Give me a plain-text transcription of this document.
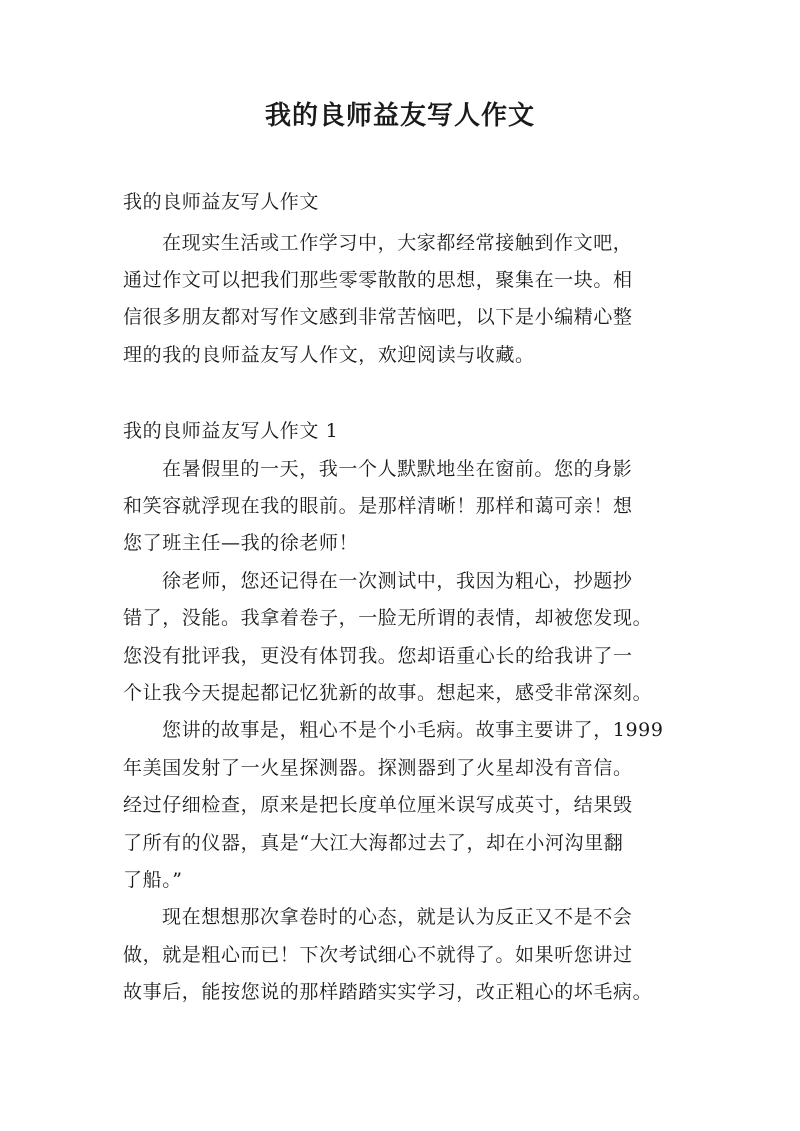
我的良师益友写人作文
我的良师益友写人作文
在现实生活或工作学习中，大家都经常接触到作文吧，
通过作文可以把我们那些零零散散的思想，聚集在一块。相
信很多朋友都对写作文感到非常苦恼吧，以下是小编精心整
理的我的良师益友写人作文，欢迎阅读与收藏。
我的良师益友写人作文 1
在暑假里的一天，我一个人默默地坐在窗前。您的身影
和笑容就浮现在我的眼前。是那样清晰！那样和蔼可亲！想
您了班主任—我的徐老师！
徐老师，您还记得在一次测试中，我因为粗心，抄题抄
错了，没能。我拿着卷子，一脸无所谓的表情，却被您发现。
您没有批评我，更没有体罚我。您却语重心长的给我讲了一
个让我今天提起都记忆犹新的故事。想起来，感受非常深刻。
您讲的故事是，粗心不是个小毛病。故事主要讲了，1999
年美国发射了一火星探测器。探测器到了火星却没有音信。
经过仔细检查，原来是把长度单位厘米误写成英寸，结果毁
了所有的仪器，真是“大江大海都过去了，却在小河沟里翻
了船。”
现在想想那次拿卷时的心态，就是认为反正又不是不会
做，就是粗心而已！下次考试细心不就得了。如果听您讲过
故事后，能按您说的那样踏踏实实学习，改正粗心的坏毛病。
